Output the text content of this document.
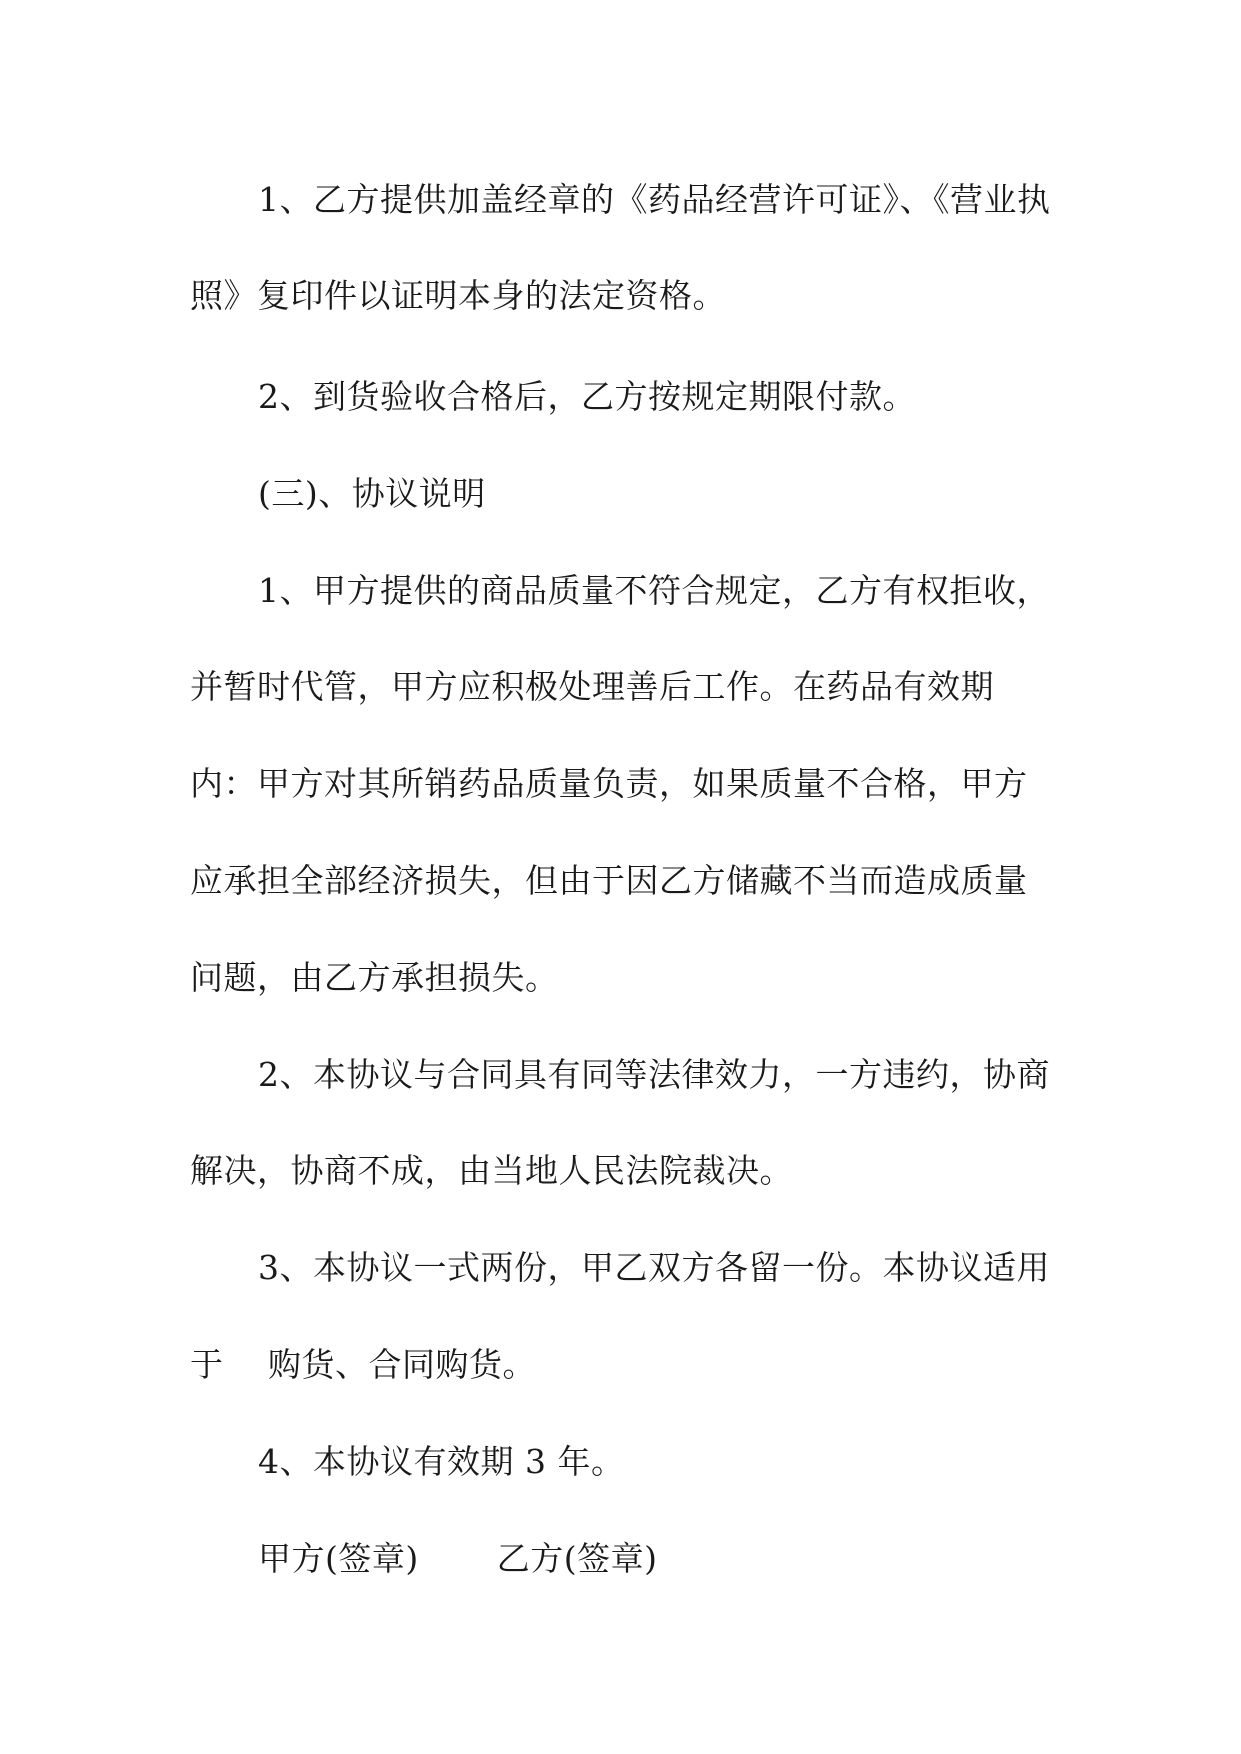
1、乙方提供加盖经章的《药品经营许可证》、《营业执

照》复印件以证明本身的法定资格。

2、到货验收合格后，乙方按规定期限付款。

(三)、协议说明

1、甲方提供的商品质量不符合规定，乙方有权拒收，

并暂时代管，甲方应积极处理善后工作。在药品有效期

内：甲方对其所销药品质量负责，如果质量不合格，甲方

应承担全部经济损失，但由于因乙方储藏不当而造成质量

问题，由乙方承担损失。

2、本协议与合同具有同等法律效力，一方违约，协商

解决，协商不成，由当地人民法院裁决。

3、本协议一式两份，甲乙双方各留一份。本协议适用

于　 购货、合同购货。

4、本协议有效期 3 年。

甲方(签章)　　 乙方(签章)
